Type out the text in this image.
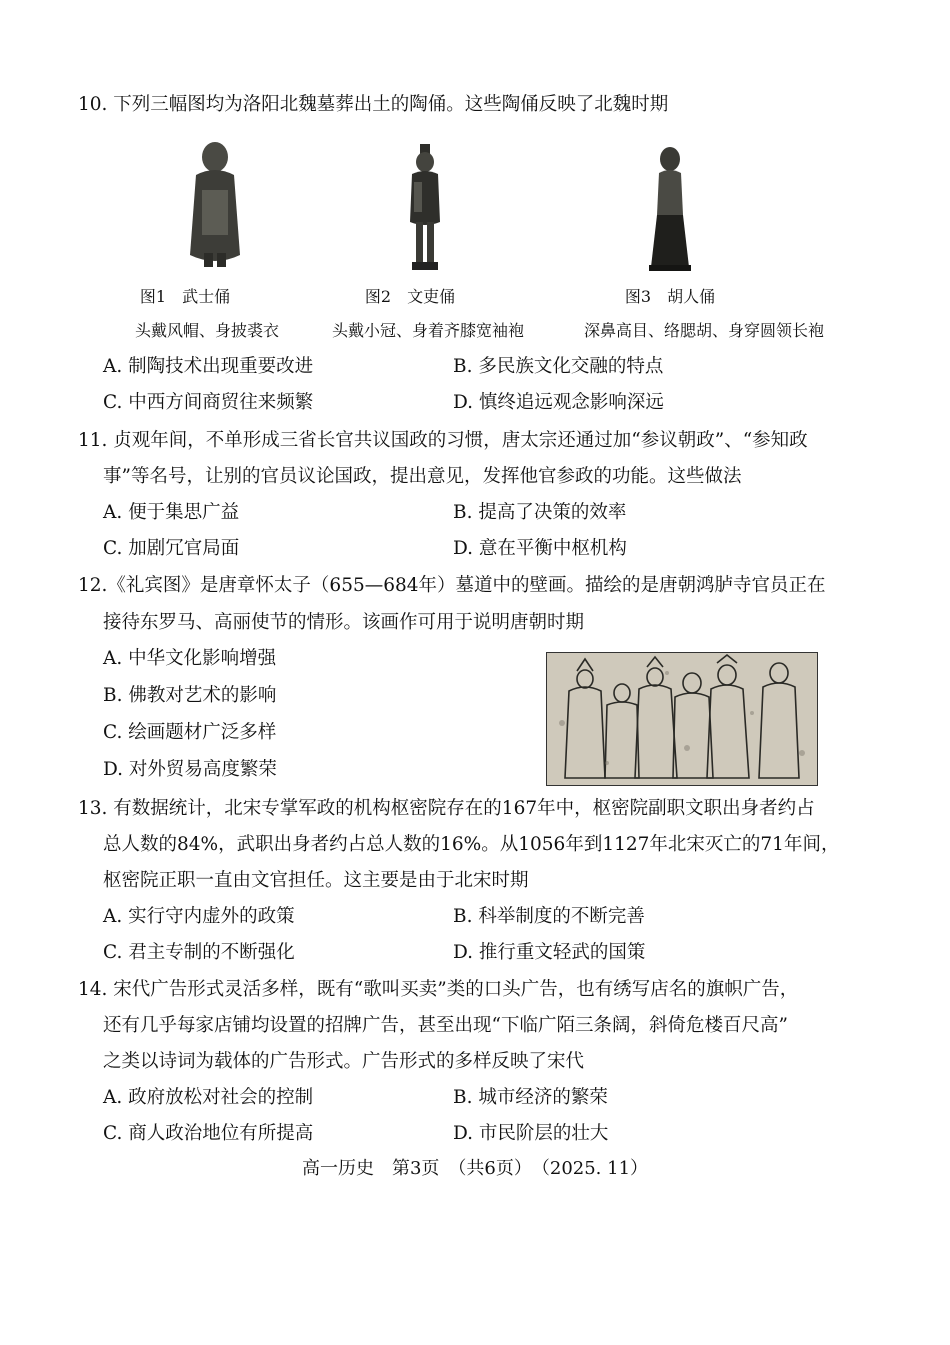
10. 下列三幅图均为洛阳北魏墓葬出土的陶俑。这些陶俑反映了北魏时期
图1　武士俑	图2　文吏俑	图3　胡人俑
头戴风帽、身披裘衣	头戴小冠、身着齐膝宽袖袍	深鼻高目、络腮胡、身穿圆领长袍
A. 制陶技术出现重要改进	B. 多民族文化交融的特点
C. 中西方间商贸往来频繁	D. 慎终追远观念影响深远
11. 贞观年间，不单形成三省长官共议国政的习惯，唐太宗还通过加“参议朝政”、“参知政
事”等名号，让别的官员议论国政，提出意见，发挥他官参政的功能。这些做法
A. 便于集思广益	B. 提高了决策的效率
C. 加剧冗官局面	D. 意在平衡中枢机构
12.《礼宾图》是唐章怀太子（655—684年）墓道中的壁画。描绘的是唐朝鸿胪寺官员正在
接待东罗马、高丽使节的情形。该画作可用于说明唐朝时期
A. 中华文化影响增强
B. 佛教对艺术的影响
C. 绘画题材广泛多样
D. 对外贸易高度繁荣
13. 有数据统计，北宋专掌军政的机构枢密院存在的167年中，枢密院副职文职出身者约占
总人数的84%，武职出身者约占总人数的16%。从1056年到1127年北宋灭亡的71年间，
枢密院正职一直由文官担任。这主要是由于北宋时期
A. 实行守内虚外的政策	B. 科举制度的不断完善
C. 君主专制的不断强化	D. 推行重文轻武的国策
14. 宋代广告形式灵活多样，既有“歌叫买卖”类的口头广告，也有绣写店名的旗帜广告，
还有几乎每家店铺均设置的招牌广告，甚至出现“下临广陌三条阔，斜倚危楼百尺高”
之类以诗词为载体的广告形式。广告形式的多样反映了宋代
A. 政府放松对社会的控制	B. 城市经济的繁荣
C. 商人政治地位有所提高	D. 市民阶层的壮大
高一历史　第3页　（共6页）　（2025. 11）
